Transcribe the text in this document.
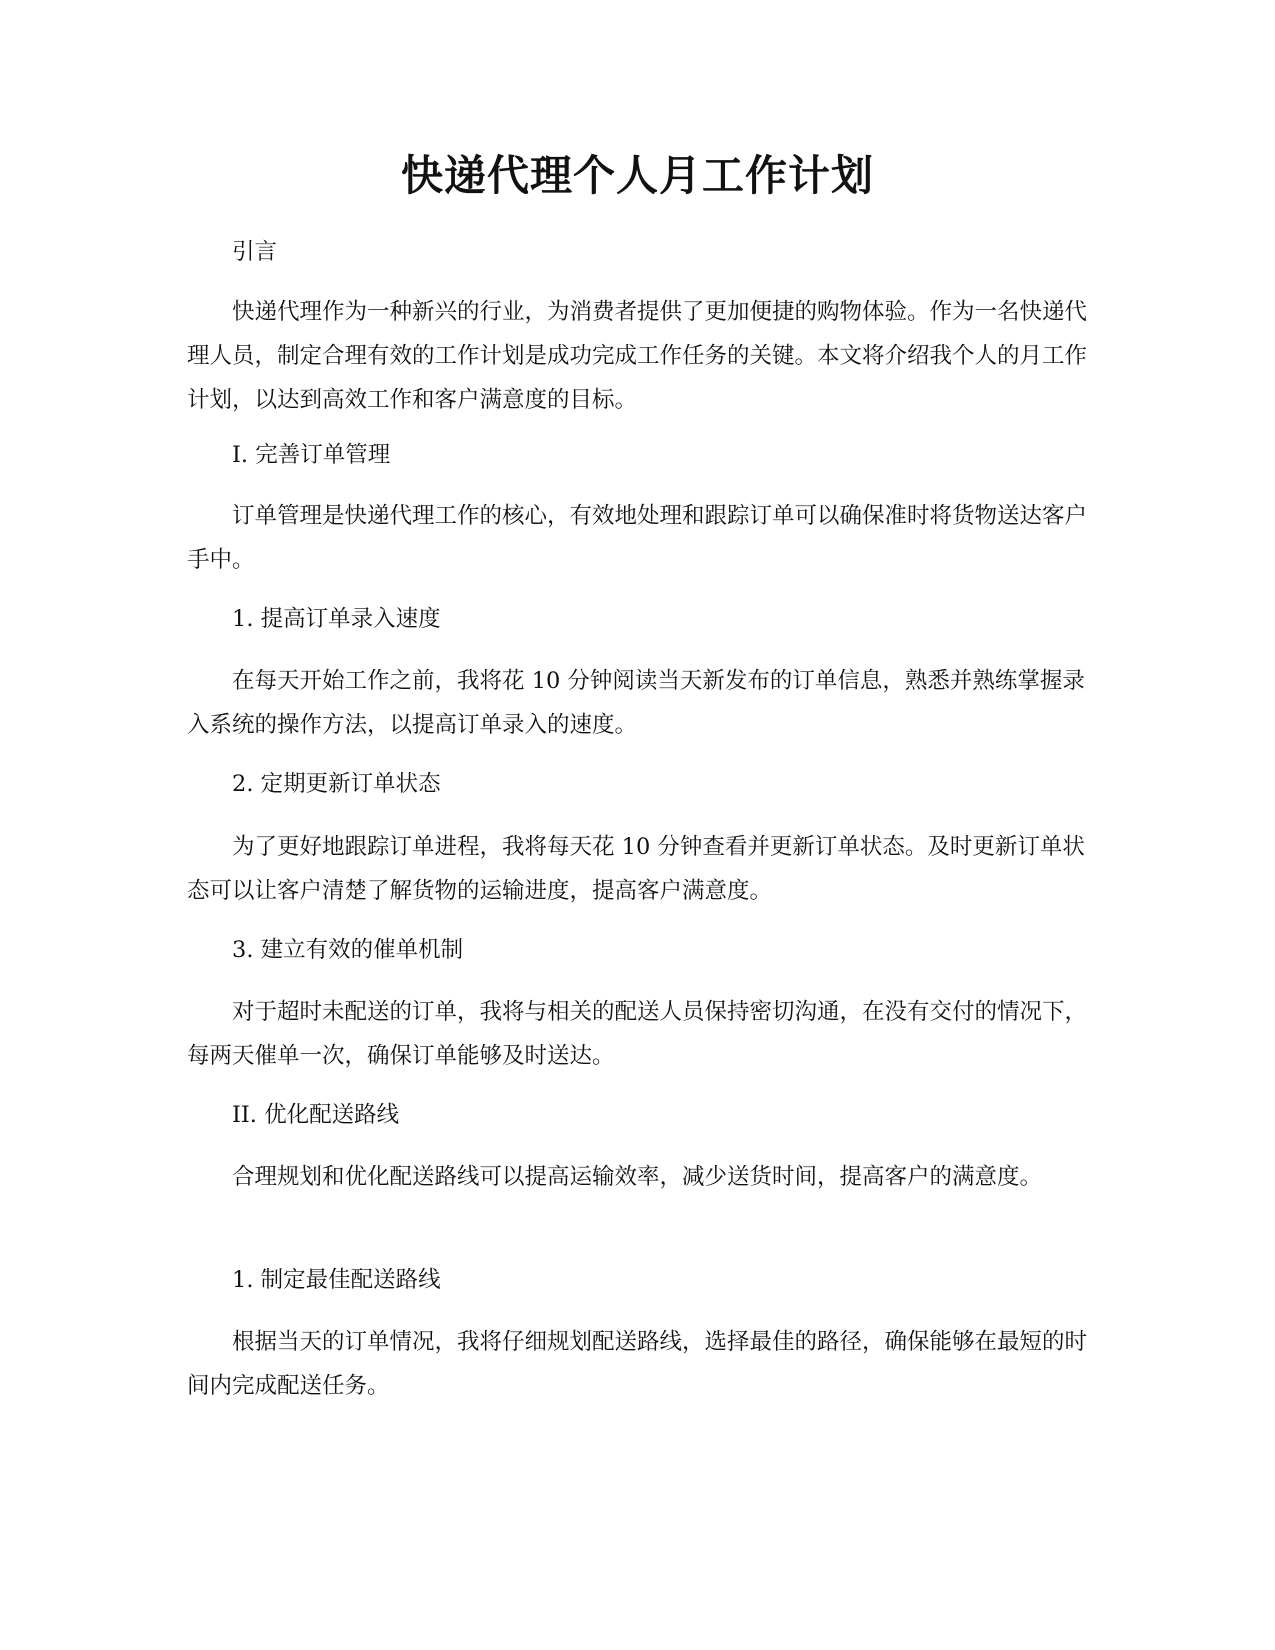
快递代理个人月工作计划

引言

快递代理作为一种新兴的行业，为消费者提供了更加便捷的购物体验。作为一名快递代理人员，制定合理有效的工作计划是成功完成工作任务的关键。本文将介绍我个人的月工作计划，以达到高效工作和客户满意度的目标。

I. 完善订单管理

订单管理是快递代理工作的核心，有效地处理和跟踪订单可以确保准时将货物送达客户手中。

1. 提高订单录入速度

在每天开始工作之前，我将花 10 分钟阅读当天新发布的订单信息，熟悉并熟练掌握录入系统的操作方法，以提高订单录入的速度。

2. 定期更新订单状态

为了更好地跟踪订单进程，我将每天花 10 分钟查看并更新订单状态。及时更新订单状态可以让客户清楚了解货物的运输进度，提高客户满意度。

3. 建立有效的催单机制

对于超时未配送的订单，我将与相关的配送人员保持密切沟通，在没有交付的情况下，每两天催单一次，确保订单能够及时送达。

II. 优化配送路线

合理规划和优化配送路线可以提高运输效率，减少送货时间，提高客户的满意度。

1. 制定最佳配送路线

根据当天的订单情况，我将仔细规划配送路线，选择最佳的路径，确保能够在最短的时间内完成配送任务。
